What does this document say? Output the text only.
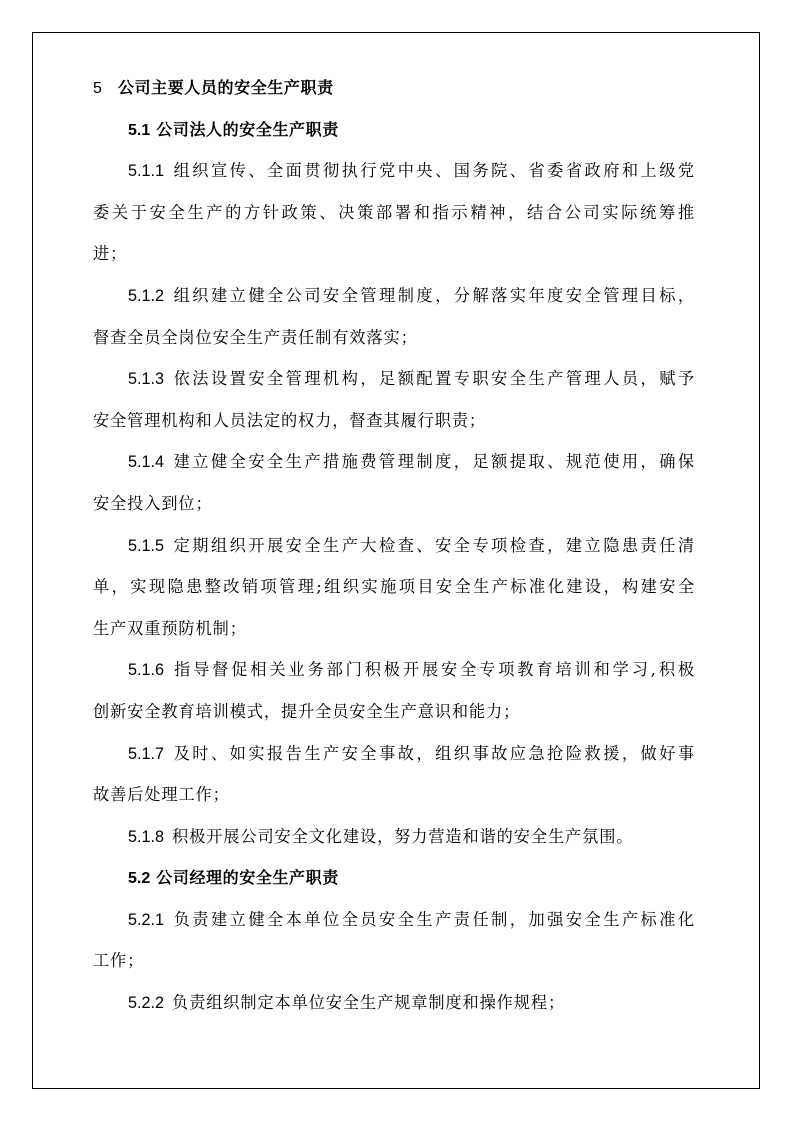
5 公司主要人员的安全生产职责
5.1 公司法人的安全生产职责
5.1.1 组织宣传、全面贯彻执行党中央、国务院、省委省政府和上级党
委关于安全生产的方针政策、决策部署和指示精神，结合公司实际统筹推
进；
5.1.2 组织建立健全公司安全管理制度，分解落实年度安全管理目标，
督查全员全岗位安全生产责任制有效落实；
5.1.3 依法设置安全管理机构，足额配置专职安全生产管理人员，赋予
安全管理机构和人员法定的权力，督查其履行职责；
5.1.4 建立健全安全生产措施费管理制度，足额提取、规范使用，确保
安全投入到位；
5.1.5 定期组织开展安全生产大检查、安全专项检查，建立隐患责任清
单，实现隐患整改销项管理;组织实施项目安全生产标准化建设，构建安全
生产双重预防机制；
5.1.6 指导督促相关业务部门积极开展安全专项教育培训和学习,积极
创新安全教育培训模式，提升全员安全生产意识和能力；
5.1.7 及时、如实报告生产安全事故，组织事故应急抢险救援，做好事
故善后处理工作；
5.1.8 积极开展公司安全文化建设，努力营造和谐的安全生产氛围。
5.2 公司经理的安全生产职责
5.2.1 负责建立健全本单位全员安全生产责任制，加强安全生产标准化
工作；
5.2.2 负责组织制定本单位安全生产规章制度和操作规程；
